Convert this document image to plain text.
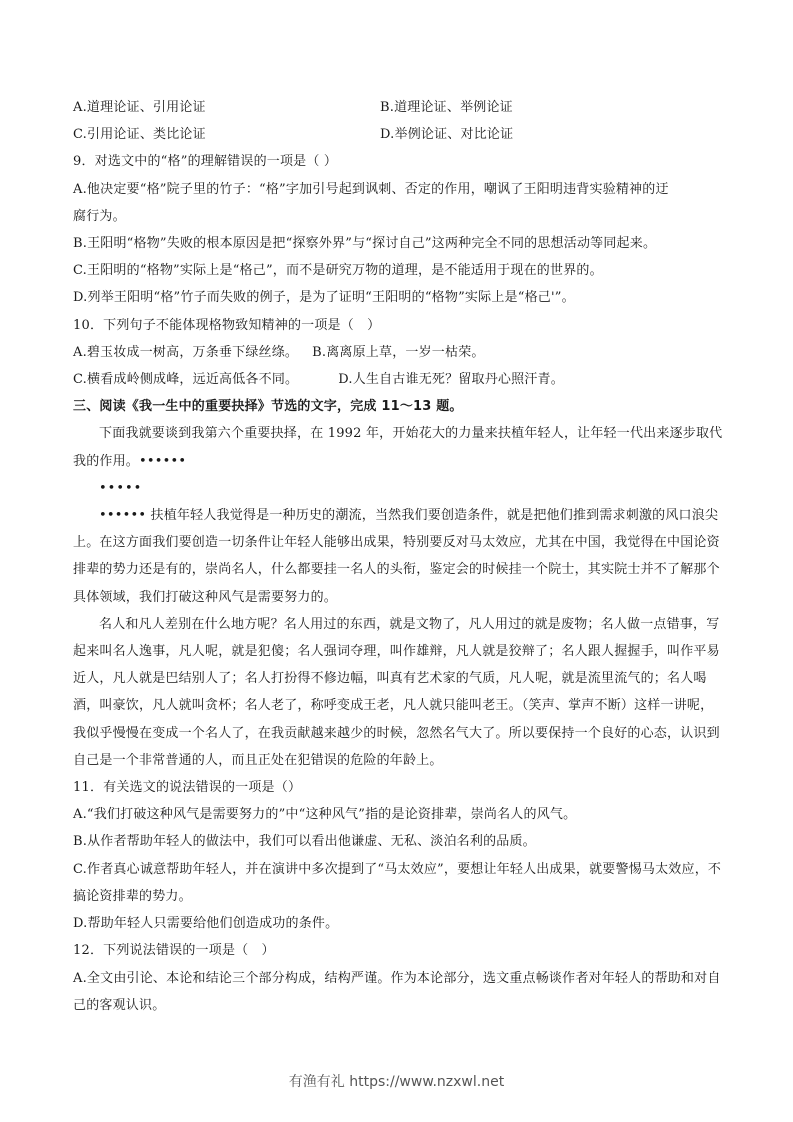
A.道理论证、引用论证	B.道理论证、举例论证
C.引用论证、类比论证	D.举例论证、对比论证
9．对选文中的“格”的理解错误的一项是（ ）
A.他决定要“格”院子里的竹子：“格”字加引号起到讽刺、否定的作用，嘲讽了王阳明违背实验精神的迂
腐行为。
B.王阳明“格物”失败的根本原因是把“探察外界”与“探讨自己”这两种完全不同的思想活动等同起来。
C.王阳明的“格物”实际上是“格己”，而不是研究万物的道理，是不能适用于现在的世界的。
D.列举王阳明“格”竹子而失败的例子，是为了证明“王阳明的“格物”实际上是“格己'”。
10．下列句子不能体现格物致知精神的一项是（　）
A.碧玉妆成一树高，万条垂下绿丝绦。 B.离离原上草，一岁一枯荣。
C.横看成岭侧成峰，远近高低各不同。	D.人生自古谁无死？留取丹心照汗青。
三、阅读《我一生中的重要抉择》节选的文字，完成 11～13 题。
下面我就要谈到我第六个重要抉择，在 1992 年，开始花大的力量来扶植年轻人，让年轻一代出来逐步取代我的作用。••••••
•••••
•••••• 扶植年轻人我觉得是一种历史的潮流，当然我们要创造条件，就是把他们推到需求刺激的风口浪尖上。在这方面我们要创造一切条件让年轻人能够出成果，特别要反对马太效应，尤其在中国，我觉得在中国论资排辈的势力还是有的，崇尚名人，什么都要挂一名人的头衔，鉴定会的时候挂一个院士，其实院士并不了解那个具体领域，我们打破这种风气是需要努力的。
名人和凡人差别在什么地方呢？名人用过的东西，就是文物了，凡人用过的就是废物；名人做一点错事，写起来叫名人逸事，凡人呢，就是犯傻；名人强词夺理，叫作雄辩，凡人就是狡辩了；名人跟人握握手，叫作平易近人，凡人就是巴结别人了；名人打扮得不修边幅，叫真有艺术家的气质，凡人呢，就是流里流气的；名人喝酒，叫豪饮，凡人就叫贪杯；名人老了，称呼变成王老，凡人就只能叫老王。（笑声、掌声不断）这样一讲呢，我似乎慢慢在变成一个名人了，在我贡献越来越少的时候，忽然名气大了。所以要保持一个良好的心态，认识到自己是一个非常普通的人，而且正处在犯错误的危险的年龄上。
11．有关选文的说法错误的一项是（）
A.“我们打破这种风气是需要努力的”中“这种风气”指的是论资排辈，崇尚名人的风气。
B.从作者帮助年轻人的做法中，我们可以看出他谦虚、无私、淡泊名利的品质。
C.作者真心诚意帮助年轻人，并在演讲中多次提到了“马太效应”，要想让年轻人出成果，就要警惕马太效应，不搞论资排辈的势力。
D.帮助年轻人只需要给他们创造成功的条件。
12．下列说法错误的一项是（　）
A.全文由引论、本论和结论三个部分构成，结构严谨。作为本论部分，选文重点畅谈作者对年轻人的帮助和对自己的客观认识。
有渔有礼 https://www.nzxwl.net
